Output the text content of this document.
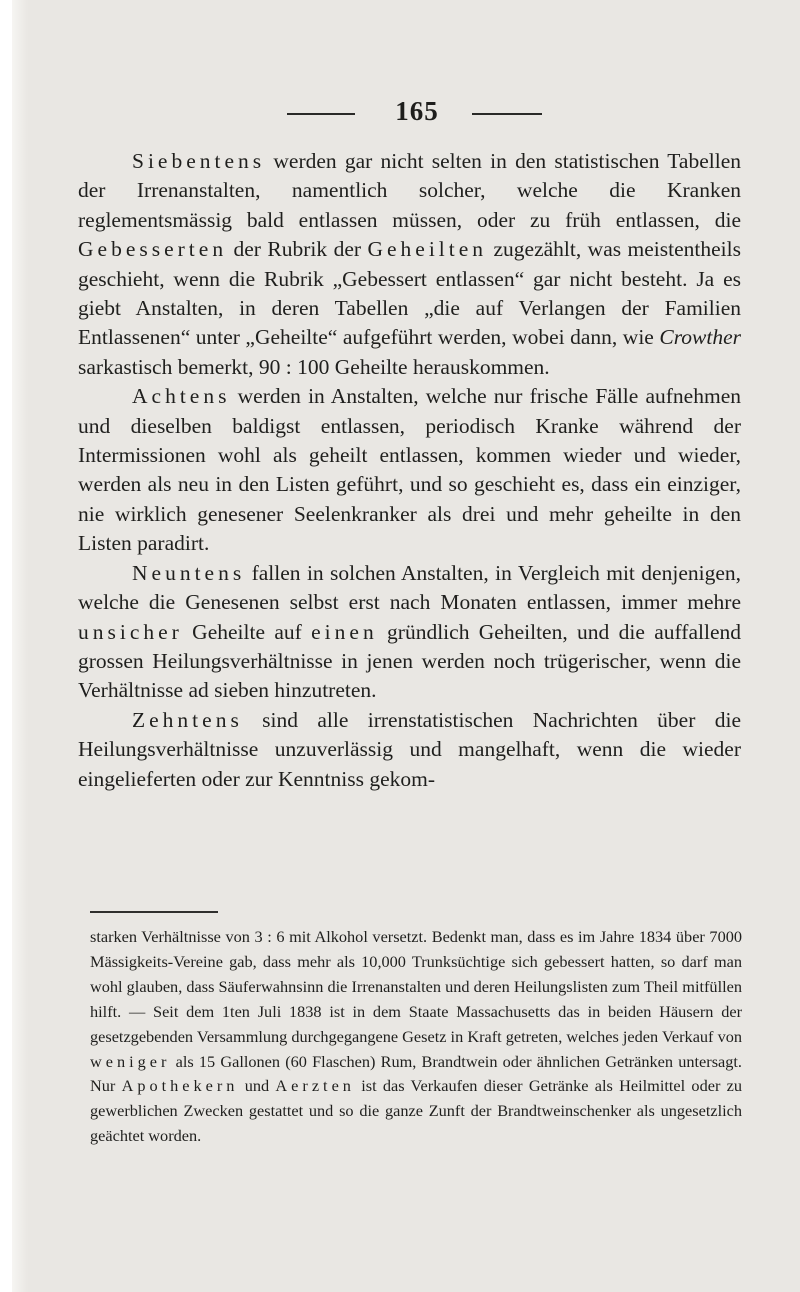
165

Siebentens werden gar nicht selten in den statistischen Tabellen der Irrenanstalten, namentlich solcher, welche die Kranken reglementsmässig bald entlassen müssen, oder zu früh entlassen, die Gebesserten der Rubrik der Geheilten zugezählt, was meistentheils geschieht, wenn die Rubrik „Gebessert entlassen“ gar nicht besteht. Ja es giebt Anstalten, in deren Tabellen „die auf Verlangen der Familien Entlassenen“ unter „Geheilte“ aufgeführt werden, wobei dann, wie Crowther sarkastisch bemerkt, 90 : 100 Geheilte herauskommen.

Achtens werden in Anstalten, welche nur frische Fälle aufnehmen und dieselben baldigst entlassen, periodisch Kranke während der Intermissionen wohl als geheilt entlassen, kommen wieder und wieder, werden als neu in den Listen geführt, und so geschieht es, dass ein einziger, nie wirklich genesener Seelenkranker als drei und mehr geheilte in den Listen paradirt.

Neuntens fallen in solchen Anstalten, in Vergleich mit denjenigen, welche die Genesenen selbst erst nach Monaten entlassen, immer mehre unsicher Geheilte auf einen gründlich Geheilten, und die auffallend grossen Heilungsverhältnisse in jenen werden noch trügerischer, wenn die Verhältnisse ad sieben hinzutreten.

Zehntens sind alle irrenstatistischen Nachrichten über die Heilungsverhältnisse unzuverlässig und mangelhaft, wenn die wieder eingelieferten oder zur Kenntniss gekom-

starken Verhältnisse von 3 : 6 mit Alkohol versetzt. Bedenkt man, dass es im Jahre 1834 über 7000 Mässigkeits-Vereine gab, dass mehr als 10,000 Trunksüchtige sich gebessert hatten, so darf man wohl glauben, dass Säuferwahnsinn die Irrenanstalten und deren Heilungslisten zum Theil mitfüllen hilft. — Seit dem 1ten Juli 1838 ist in dem Staate Massachusetts das in beiden Häusern der gesetzgebenden Versammlung durchgegangene Gesetz in Kraft getreten, welches jeden Verkauf von weniger als 15 Gallonen (60 Flaschen) Rum, Brandtwein oder ähnlichen Getränken untersagt. Nur Apothekern und Aerzten ist das Verkaufen dieser Getränke als Heilmittel oder zu gewerblichen Zwecken gestattet und so die ganze Zunft der Brandtweinschenker als ungesetzlich geächtet worden.
